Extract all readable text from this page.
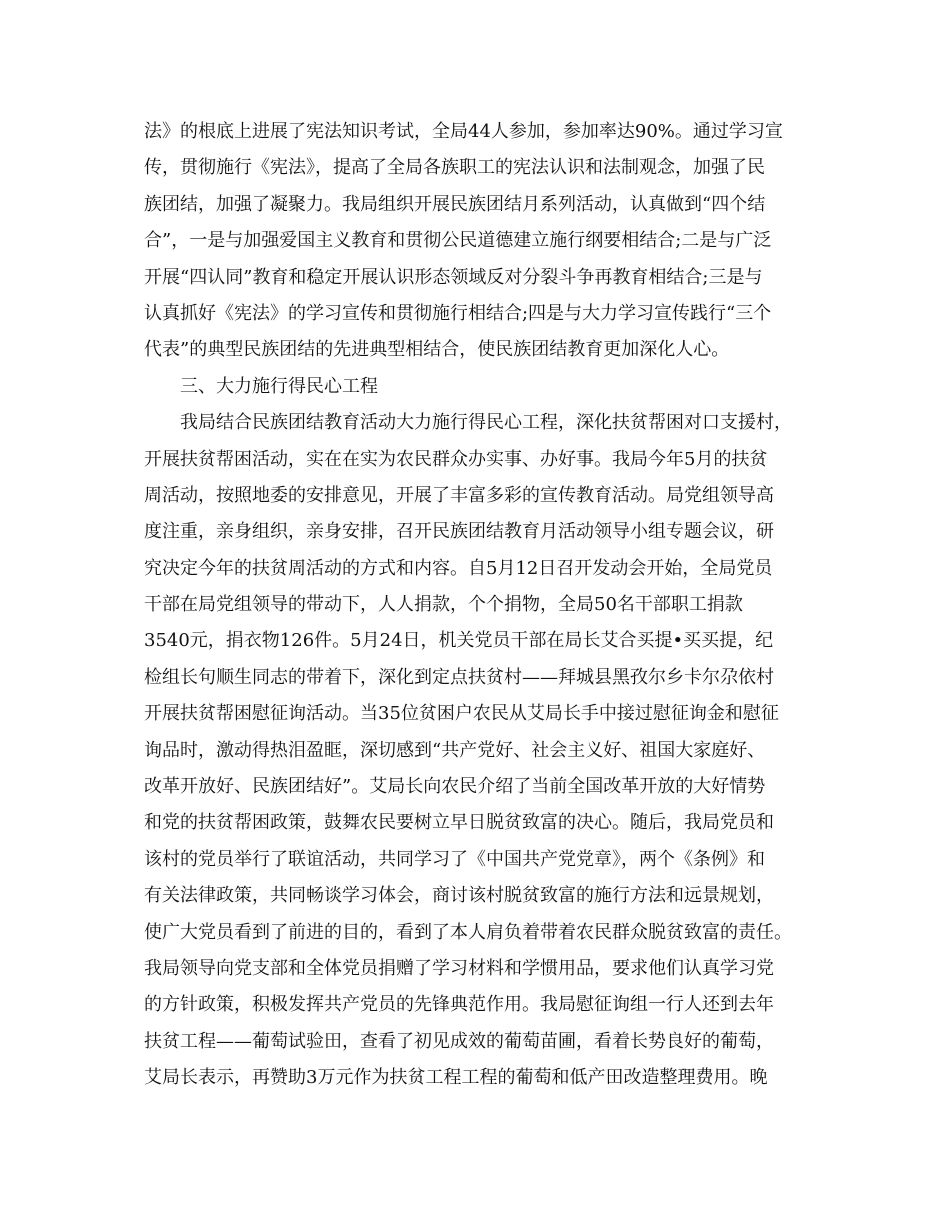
法》的根底上进展了宪法知识考试，全局44人参加，参加率达90%。通过学习宣
传，贯彻施行《宪法》，提高了全局各族职工的宪法认识和法制观念，加强了民
族团结，加强了凝聚力。我局组织开展民族团结月系列活动，认真做到“四个结
合”，一是与加强爱国主义教育和贯彻公民道德建立施行纲要相结合;二是与广泛
开展“四认同”教育和稳定开展认识形态领域反对分裂斗争再教育相结合;三是与
认真抓好《宪法》的学习宣传和贯彻施行相结合;四是与大力学习宣传践行“三个
代表”的典型民族团结的先进典型相结合，使民族团结教育更加深化人心。
三、大力施行得民心工程
我局结合民族团结教育活动大力施行得民心工程，深化扶贫帮困对口支援村，
开展扶贫帮困活动，实在在实为农民群众办实事、办好事。我局今年5月的扶贫
周活动，按照地委的安排意见，开展了丰富多彩的宣传教育活动。局党组领导高
度注重，亲身组织，亲身安排，召开民族团结教育月活动领导小组专题会议，研
究决定今年的扶贫周活动的方式和内容。自5月12日召开发动会开始，全局党员
干部在局党组领导的带动下，人人捐款，个个捐物，全局50名干部职工捐款
3540元，捐衣物126件。5月24日，机关党员干部在局长艾合买提•买买提，纪
检组长句顺生同志的带着下，深化到定点扶贫村——拜城县黑孜尔乡卡尔尕依村
开展扶贫帮困慰征询活动。当35位贫困户农民从艾局长手中接过慰征询金和慰征
询品时，激动得热泪盈眶，深切感到“共产党好、社会主义好、祖国大家庭好、
改革开放好、民族团结好”。艾局长向农民介绍了当前全国改革开放的大好情势
和党的扶贫帮困政策，鼓舞农民要树立早日脱贫致富的决心。随后，我局党员和
该村的党员举行了联谊活动，共同学习了《中国共产党党章》，两个《条例》和
有关法律政策，共同畅谈学习体会，商讨该村脱贫致富的施行方法和远景规划，
使广大党员看到了前进的目的，看到了本人肩负着带着农民群众脱贫致富的责任。
我局领导向党支部和全体党员捐赠了学习材料和学惯用品，要求他们认真学习党
的方针政策，积极发挥共产党员的先锋典范作用。我局慰征询组一行人还到去年
扶贫工程——葡萄试验田，查看了初见成效的葡萄苗圃，看着长势良好的葡萄，
艾局长表示，再赞助3万元作为扶贫工程工程的葡萄和低产田改造整理费用。晚
